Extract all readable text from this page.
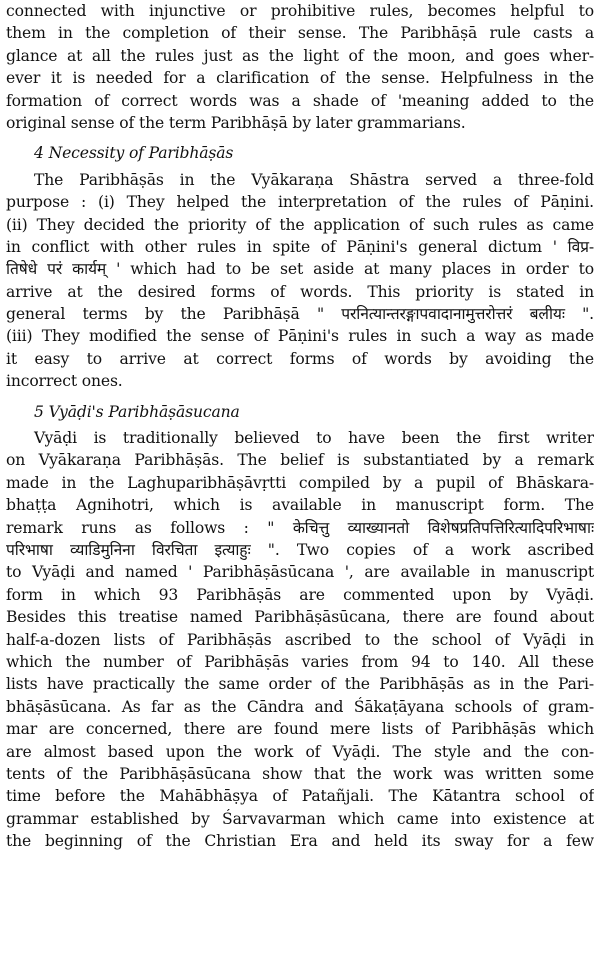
connected with injunctive or prohibitive rules, becomes helpful to
them in the completion of their sense. The Paribhāṣā rule casts a
glance at all the rules just as the light of the moon, and goes wher-
ever it is needed for a clarification of the sense. Helpfulness in the
formation of correct words was a shade of 'meaning added to the
original sense of the term Paribhāṣā by later grammarians.
4 Necessity of Paribhāṣās
The Paribhāṣās in the Vyākaraṇa Shāstra served a three-fold
purpose : (i) They helped the interpretation of the rules of Pāṇini.
(ii) They decided the priority of the application of such rules as came
in conflict with other rules in spite of Pāṇini's general dictum ' विप्र-
तिषेधे परं कार्यम् ' which had to be set aside at many places in order to
arrive at the desired forms of words. This priority is stated in
general terms by the Paribhāṣā " परनित्यान्तरङ्गापवादानामुत्तरोत्तरं बलीयः ".
(iii) They modified the sense of Pāṇini's rules in such a way as made
it easy to arrive at correct forms of words by avoiding the
incorrect ones.
5 Vyāḍi's Paribhāṣāsucana
Vyāḍi is traditionally believed to have been the first writer
on Vyākaraṇa Paribhāṣās. The belief is substantiated by a remark
made in the Laghuparibhāṣāvṛtti compiled by a pupil of Bhāskara-
bhaṭṭa Agnihotri, which is available in manuscript form. The
remark runs as follows : " केचित्तु व्याख्यानतो विशेषप्रतिपत्तिरित्यादिपरिभाषाः
परिभाषा व्याडिमुनिना विरचिता इत्याहुः ". Two copies of a work ascribed
to Vyāḍi and named ' Paribhāṣāsūcana ', are available in manuscript
form in which 93 Paribhāṣās are commented upon by Vyāḍi.
Besides this treatise named Paribhāṣāsūcana, there are found about
half-a-dozen lists of Paribhāṣās ascribed to the school of Vyāḍi in
which the number of Paribhāṣās varies from 94 to 140. All these
lists have practically the same order of the Paribhāṣās as in the Pari-
bhāṣāsūcana. As far as the Cāndra and Śākaṭāyana schools of gram-
mar are concerned, there are found mere lists of Paribhāṣās which
are almost based upon the work of Vyāḍi. The style and the con-
tents of the Paribhāṣāsūcana show that the work was written some
time before the Mahābhāṣya of Patañjali. The Kātantra school of
grammar established by Śarvavarman which came into existence at
the beginning of the Christian Era and held its sway for a few
